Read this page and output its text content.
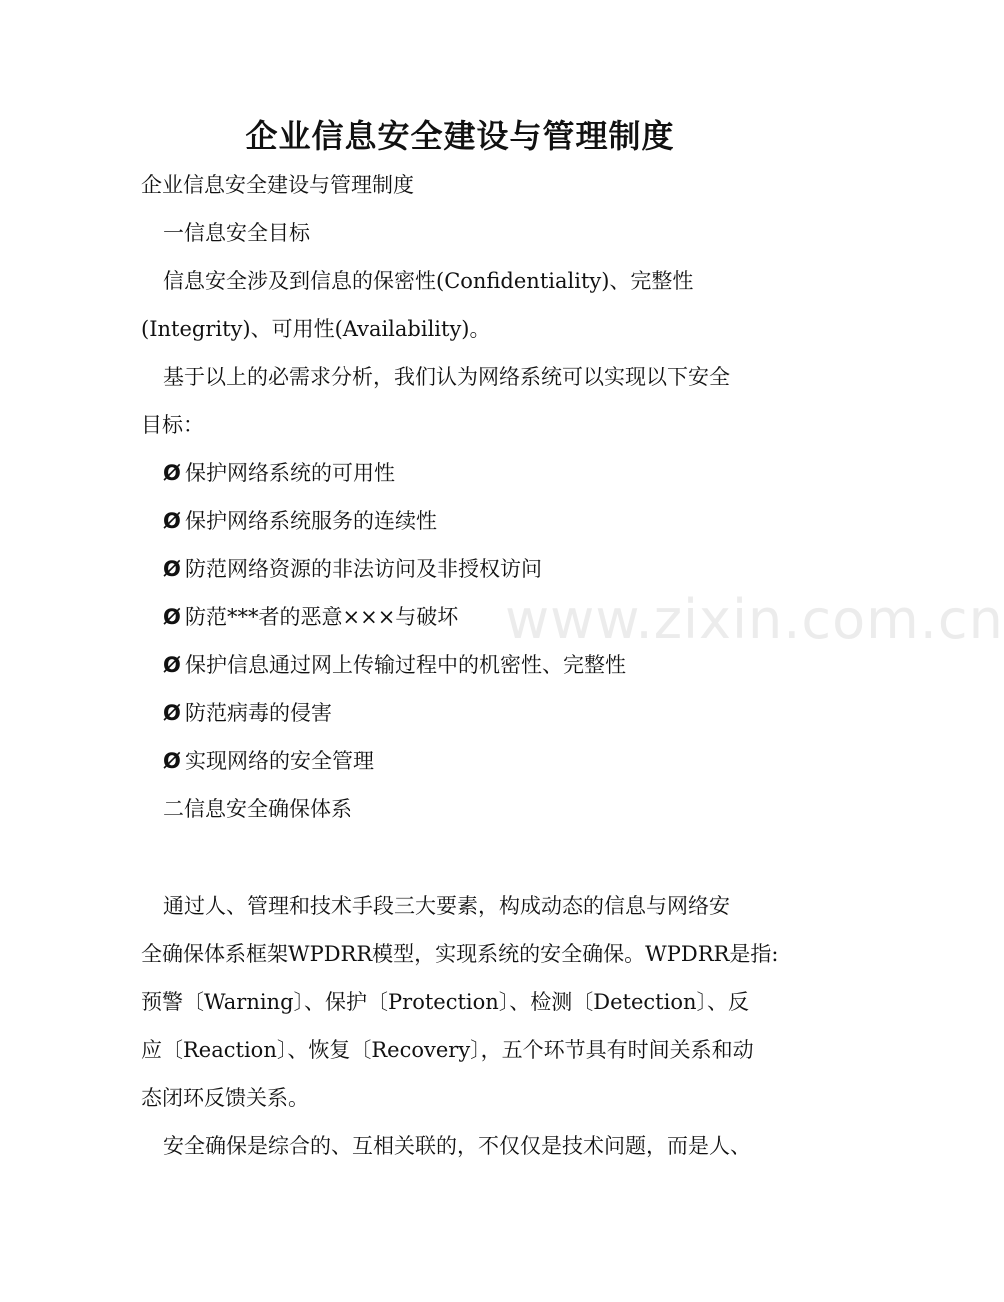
企业信息安全建设与管理制度
企业信息安全建设与管理制度
一信息安全目标
信息安全涉及到信息的保密性(Confidentiality)、完整性
(Integrity)、可用性(Availability)。
基于以上的必需求分析，我们认为网络系统可以实现以下安全
目标：
Ø 保护网络系统的可用性
Ø 保护网络系统服务的连续性
Ø 防范网络资源的非法访问及非授权访问
Ø 防范***者的恶意×××与破坏
Ø 保护信息通过网上传输过程中的机密性、完整性
Ø 防范病毒的侵害
Ø 实现网络的安全管理
二信息安全确保体系
通过人、管理和技术手段三大要素，构成动态的信息与网络安
全确保体系框架WPDRR模型，实现系统的安全确保。WPDRR是指:
预警〔Warning〕、保护〔Protection〕、检测〔Detection〕、反
应〔Reaction〕、恢复〔Recovery〕，五个环节具有时间关系和动
态闭环反馈关系。
安全确保是综合的、互相关联的，不仅仅是技术问题，而是人、
www.zixin.com.cn
